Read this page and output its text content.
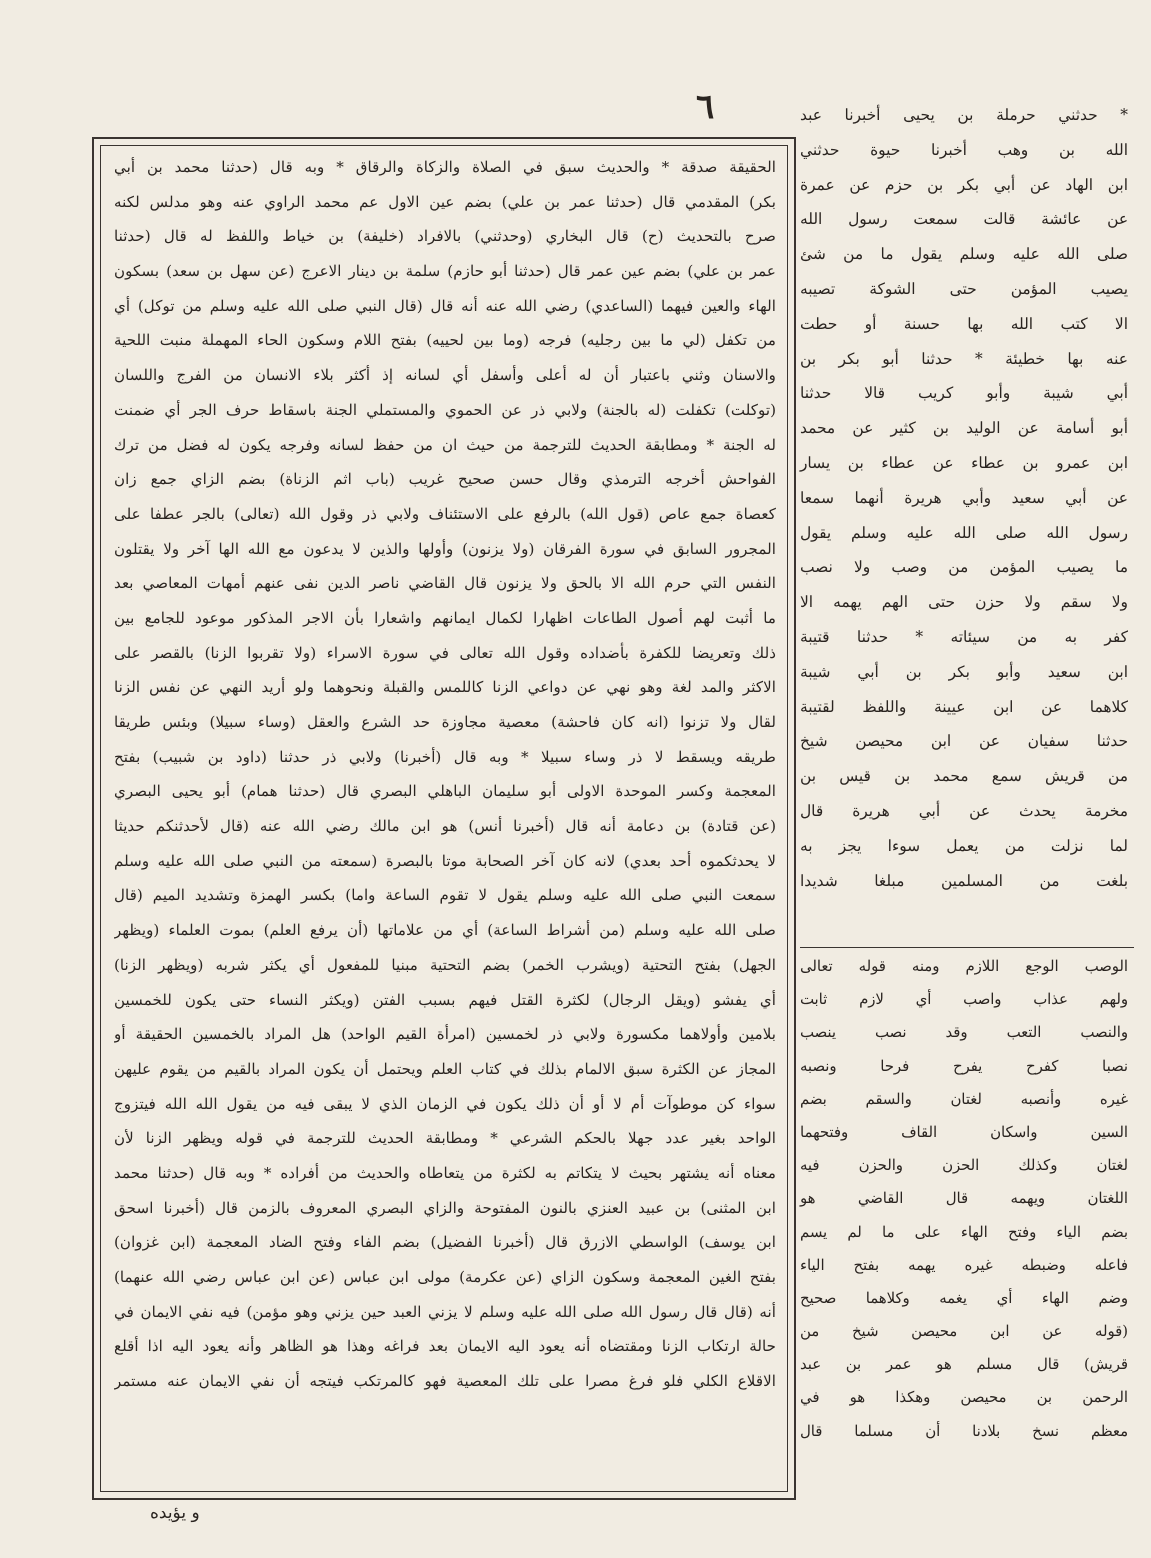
٦
الحقيقة صدقة * والحديث سبق في الصلاة والزكاة والرقاق * وبه قال (حدثنا محمد بن أبي
بكر) المقدمي قال (حدثنا عمر بن علي) بضم عين الاول عم محمد الراوي عنه وهو مدلس لكنه
صرح بالتحديث (ح) قال البخاري (وحدثني) بالافراد (خليفة) بن خياط واللفظ له قال (حدثنا
عمر بن علي) بضم عين عمر قال (حدثنا أبو حازم) سلمة بن دينار الاعرج (عن سهل بن سعد) بسكون
الهاء والعين فيهما (الساعدي) رضي الله عنه أنه قال (قال النبي صلى الله عليه وسلم من توكل) أي
من تكفل (لي ما بين رجليه) فرجه (وما بين لحييه) بفتح اللام وسكون الحاء المهملة منبت اللحية
والاسنان وثني باعتبار أن له أعلى وأسفل أي لسانه إذ أكثر بلاء الانسان من الفرج واللسان
(توكلت) تكفلت (له بالجنة) ولابي ذر عن الحموي والمستملي الجنة باسقاط حرف الجر أي ضمنت
له الجنة * ومطابقة الحديث للترجمة من حيث ان من حفظ لسانه وفرجه يكون له فضل من ترك
الفواحش أخرجه الترمذي وقال حسن صحيح غريب (باب اثم الزناة) بضم الزاي جمع زان
كعصاة جمع عاص (قول الله) بالرفع على الاستئناف ولابي ذر وقول الله (تعالى) بالجر عطفا على
المجرور السابق في سورة الفرقان (ولا يزنون) وأولها والذين لا يدعون مع الله الها آخر ولا يقتلون
النفس التي حرم الله الا بالحق ولا يزنون قال القاضي ناصر الدين نفى عنهم أمهات المعاصي بعد
ما أثبت لهم أصول الطاعات اظهارا لكمال ايمانهم واشعارا بأن الاجر المذكور موعود للجامع بين
ذلك وتعريضا للكفرة بأضداده وقول الله تعالى في سورة الاسراء (ولا تقربوا الزنا) بالقصر على
الاكثر والمد لغة وهو نهي عن دواعي الزنا كاللمس والقبلة ونحوهما ولو أريد النهي عن نفس الزنا
لقال ولا تزنوا (انه كان فاحشة) معصية مجاوزة حد الشرع والعقل (وساء سبيلا) وبئس طريقا
طريقه ويسقط لا ذر وساء سبيلا * وبه قال (أخبرنا) ولابي ذر حدثنا (داود بن شبيب) بفتح
المعجمة وكسر الموحدة الاولى أبو سليمان الباهلي البصري قال (حدثنا همام) أبو يحيى البصري
(عن قتادة) بن دعامة أنه قال (أخبرنا أنس) هو ابن مالك رضي الله عنه (قال لأحدثنكم حديثا
لا يحدثكموه أحد بعدي) لانه كان آخر الصحابة موتا بالبصرة (سمعته من النبي صلى الله عليه وسلم
سمعت النبي صلى الله عليه وسلم يقول لا تقوم الساعة واما) بكسر الهمزة وتشديد الميم (قال
صلى الله عليه وسلم (من أشراط الساعة) أي من علاماتها (أن يرفع العلم) بموت العلماء (ويظهر
الجهل) بفتح التحتية (ويشرب الخمر) بضم التحتية مبنيا للمفعول أي يكثر شربه (ويظهر الزنا)
أي يفشو (ويقل الرجال) لكثرة القتل فيهم بسبب الفتن (ويكثر النساء حتى يكون للخمسين
بلامين وأولاهما مكسورة ولابي ذر لخمسين (امرأة القيم الواحد) هل المراد بالخمسين الحقيقة أو
المجاز عن الكثرة سبق الالمام بذلك في كتاب العلم ويحتمل أن يكون المراد بالقيم من يقوم عليهن
سواء كن موطوآت أم لا أو أن ذلك يكون في الزمان الذي لا يبقى فيه من يقول الله الله فيتزوج
الواحد بغير عدد جهلا بالحكم الشرعي * ومطابقة الحديث للترجمة في قوله ويظهر الزنا لأن
معناه أنه يشتهر بحيث لا يتكاتم به لكثرة من يتعاطاه والحديث من أفراده * وبه قال (حدثنا محمد
ابن المثنى) بن عبيد العنزي بالنون المفتوحة والزاي البصري المعروف بالزمن قال (أخبرنا اسحق
ابن يوسف) الواسطي الازرق قال (أخبرنا الفضيل) بضم الفاء وفتح الضاد المعجمة (ابن غزوان)
بفتح الغين المعجمة وسكون الزاي (عن عكرمة) مولى ابن عباس (عن ابن عباس رضي الله عنهما)
أنه (قال قال رسول الله صلى الله عليه وسلم لا يزني العبد حين يزني وهو مؤمن) فيه نفي الايمان في
حالة ارتكاب الزنا ومقتضاه أنه يعود اليه الايمان بعد فراغه وهذا هو الظاهر وأنه يعود اليه اذا أقلع
الاقلاع الكلي فلو فرغ مصرا على تلك المعصية فهو كالمرتكب فيتجه أن نفي الايمان عنه مستمر
* حدثني حرملة بن يحيى أخبرنا عبد
الله بن وهب أخبرنا حيوة حدثني
ابن الهاد عن أبي بكر بن حزم عن عمرة
عن عائشة قالت سمعت رسول الله
صلى الله عليه وسلم يقول ما من شئ
يصيب المؤمن حتى الشوكة تصيبه
الا كتب الله بها حسنة أو حطت
عنه بها خطيئة * حدثنا أبو بكر بن
أبي شيبة وأبو كريب قالا حدثنا
أبو أسامة عن الوليد بن كثير عن محمد
ابن عمرو بن عطاء عن عطاء بن يسار
عن أبي سعيد وأبي هريرة أنهما سمعا
رسول الله صلى الله عليه وسلم يقول
ما يصيب المؤمن من وصب ولا نصب
ولا سقم ولا حزن حتى الهم يهمه الا
كفر به من سيئاته * حدثنا قتيبة
ابن سعيد وأبو بكر بن أبي شيبة
كلاهما عن ابن عيينة واللفظ لقتيبة
حدثنا سفيان عن ابن محيصن شيخ
من قريش سمع محمد بن قيس بن
مخرمة يحدث عن أبي هريرة قال
لما نزلت من يعمل سوءا يجز به
بلغت من المسلمين مبلغا شديدا
الوصب الوجع اللازم ومنه قوله تعالى
ولهم عذاب واصب أي لازم ثابت
والنصب التعب وقد نصب ينصب
نصبا كفرح يفرح فرحا ونصبه
غيره وأنصبه لغتان والسقم بضم
السين واسكان القاف وفتحهما
لغتان وكذلك الحزن والحزن فيه
اللغتان ويهمه قال القاضي هو
بضم الياء وفتح الهاء على ما لم يسم
فاعله وضبطه غيره يهمه بفتح الياء
وضم الهاء أي يغمه وكلاهما صحيح
(قوله عن ابن محيصن شيخ من
قريش) قال مسلم هو عمر بن عبد
الرحمن بن محيصن وهكذا هو في
معظم نسخ بلادنا أن مسلما قال
و يؤيده
